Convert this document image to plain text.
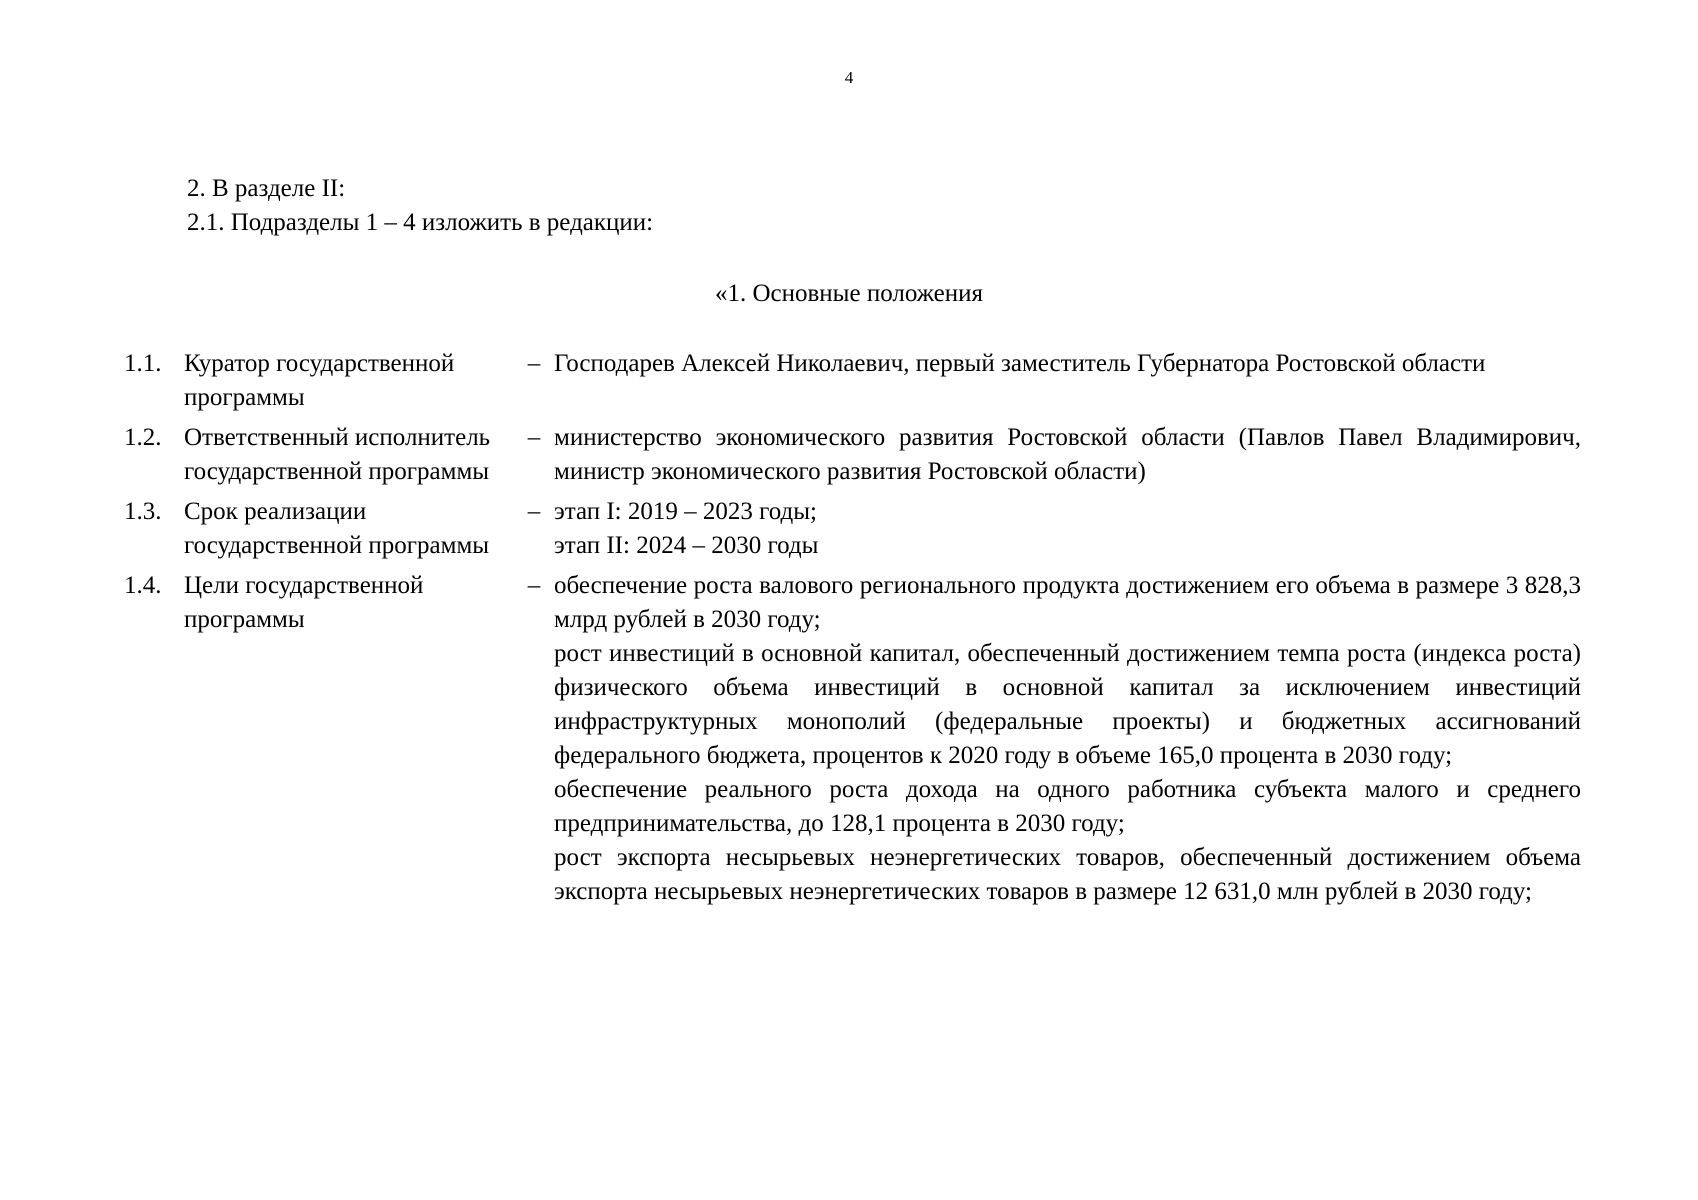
4
2. В разделе II:
2.1. Подразделы 1 – 4 изложить в редакции:
«1. Основные положения
1.1. Куратор государственной программы
– Господарев Алексей Николаевич, первый заместитель Губернатора Ростовской области

1.2. Ответственный исполнитель государственной программы
– министерство экономического развития Ростовской области (Павлов Павел Владимирович, министр экономического развития Ростовской области)

1.3. Срок реализации государственной программы
– этап I: 2019 – 2023 годы;

этап II: 2024 – 2030 годы

1.4. Цели государственной программы
– обеспечение роста валового регионального продукта достижением его объема в размере 3 828,3 млрд рублей в 2030 году;

рост инвестиций в основной капитал, обеспеченный достижением темпа роста (индекса роста) физического объема инвестиций в основной капитал за исключением инвестиций инфраструктурных монополий (федеральные проекты) и бюджетных ассигнований федерального бюджета, процентов к 2020 году в объеме 165,0 процента в 2030 году;

обеспечение реального роста дохода на одного работника субъекта малого и среднего предпринимательства, до 128,1 процента в 2030 году;

рост экспорта несырьевых неэнергетических товаров, обеспеченный достижением объема экспорта несырьевых неэнергетических товаров в размере 12 631,0 млн рублей в 2030 году;
